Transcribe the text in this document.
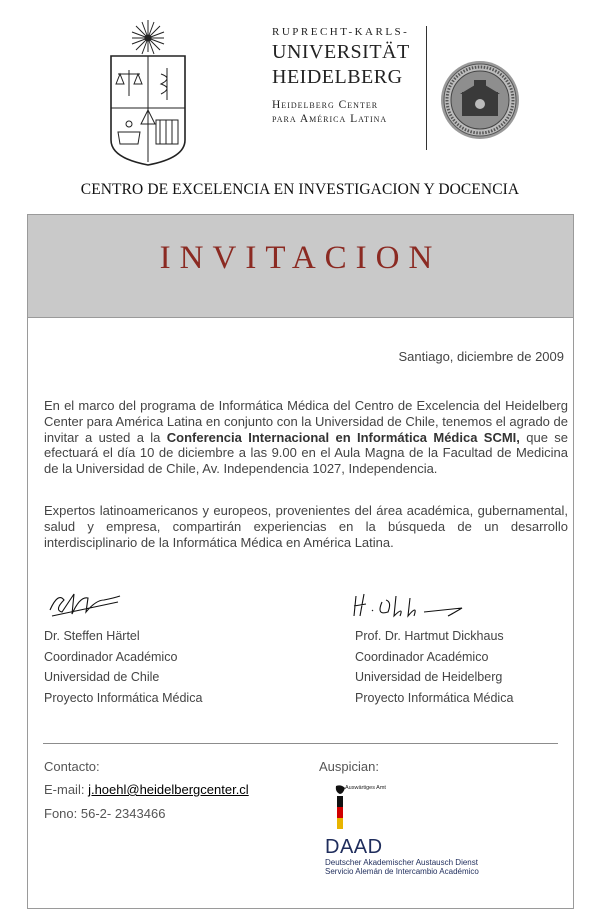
RUPRECHT-KARLS-
UNIVERSITÄT
HEIDELBERG
Heidelberg Center
para América Latina
CENTRO DE EXCELENCIA EN INVESTIGACION Y DOCENCIA
INVITACION
Santiago, diciembre de 2009
En el marco del programa de Informática Médica del Centro de Excelencia del Heidelberg Center para América Latina en conjunto con la Universidad de Chile, tenemos el agrado de invitar a usted a la Conferencia Internacional en Informática Médica SCMI, que se efectuará el día 10 de diciembre a las 9.00 en el Aula Magna de la Facultad de Medicina de la Universidad de Chile, Av. Independencia 1027, Independencia.
Expertos latinoamericanos y europeos, provenientes del área académica, gubernamental, salud y empresa, compartirán experiencias en la búsqueda de un desarrollo interdisciplinario de la Informática Médica en América Latina.
Dr. Steffen Härtel
Coordinador Académico
Universidad de Chile
Proyecto Informática Médica
Prof. Dr. Hartmut Dickhaus
Coordinador Académico
Universidad de Heidelberg
Proyecto Informática Médica
Contacto:
E-mail: j.hoehl@heidelbergcenter.cl
Fono: 56-2- 2343466
Auspician:
Auswärtiges Amt
DAAD
Deutscher Akademischer Austausch Dienst
Servicio Alemán de Intercambio Académico
